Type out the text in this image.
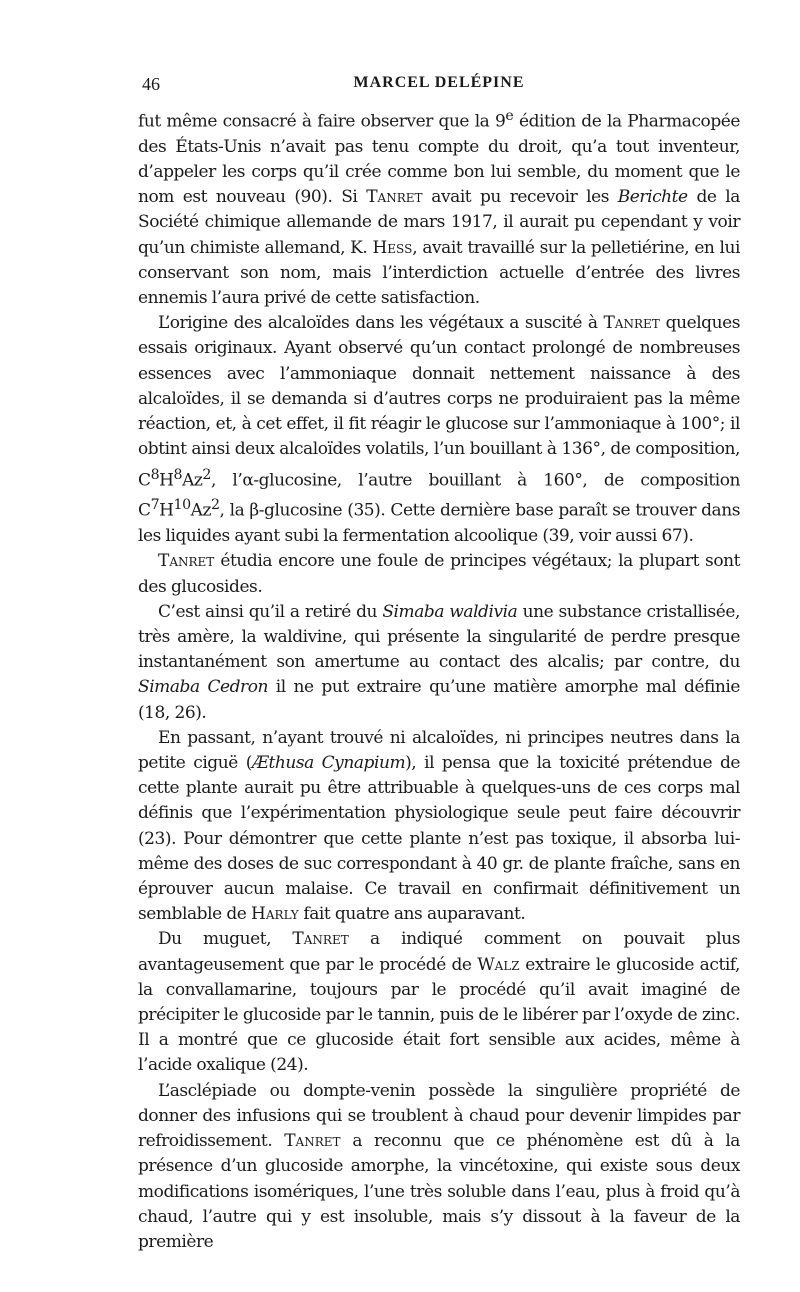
46	MARCEL DELÉPINE

fut même consacré à faire observer que la 9e édition de la Pharmacopée des États-Unis n’avait pas tenu compte du droit, qu’a tout inventeur, d’appeler les corps qu’il crée comme bon lui semble, du moment que le nom est nouveau (90). Si Tanret avait pu recevoir les Berichte de la Société chimique allemande de mars 1917, il aurait pu cependant y voir qu’un chimiste allemand, K. Hess, avait travaillé sur la pelletiérine, en lui conservant son nom, mais l’interdiction actuelle d’entrée des livres ennemis l’aura privé de cette satisfaction.

L’origine des alcaloïdes dans les végétaux a suscité à Tanret quelques essais originaux. Ayant observé qu’un contact prolongé de nombreuses essences avec l’ammoniaque donnait nettement naissance à des alcaloïdes, il se demanda si d’autres corps ne produiraient pas la même réaction, et, à cet effet, il fit réagir le glucose sur l’ammoniaque à 100°; il obtint ainsi deux alcaloïdes volatils, l’un bouillant à 136°, de composition, $C^8H^8Az^2$, l’α-glucosine, l’autre bouillant à 160°, de composition $C^7H^{10}Az^2$, la β-glucosine (35). Cette dernière base paraît se trouver dans les liquides ayant subi la fermentation alcoolique (39, voir aussi 67).

Tanret étudia encore une foule de principes végétaux; la plupart sont des glucosides.

C’est ainsi qu’il a retiré du Simaba waldivia une substance cristallisée, très amère, la waldivine, qui présente la singularité de perdre presque instantanément son amertume au contact des alcalis; par contre, du Simaba Cedron il ne put extraire qu’une matière amorphe mal définie (18, 26).

En passant, n’ayant trouvé ni alcaloïdes, ni principes neutres dans la petite ciguë (Æthusa Cynapium), il pensa que la toxicité prétendue de cette plante aurait pu être attribuable à quelques-uns de ces corps mal définis que l’expérimentation physiologique seule peut faire découvrir (23). Pour démontrer que cette plante n’est pas toxique, il absorba lui-même des doses de suc correspondant à 40 gr. de plante fraîche, sans en éprouver aucun malaise. Ce travail en confirmait définitivement un semblable de Harly fait quatre ans auparavant.

Du muguet, Tanret a indiqué comment on pouvait plus avantageusement que par le procédé de Walz extraire le glucoside actif, la convallamarine, toujours par le procédé qu’il avait imaginé de précipiter le glucoside par le tannin, puis de le libérer par l’oxyde de zinc. Il a montré que ce glucoside était fort sensible aux acides, même à l’acide oxalique (24).

L’asclépiade ou dompte-venin possède la singulière propriété de donner des infusions qui se troublent à chaud pour devenir limpides par refroidissement. Tanret a reconnu que ce phénomène est dû à la présence d’un glucoside amorphe, la vincétoxine, qui existe sous deux modifications isomériques, l’une très soluble dans l’eau, plus à froid qu’à chaud, l’autre qui y est insoluble, mais s’y dissout à la faveur de la première
